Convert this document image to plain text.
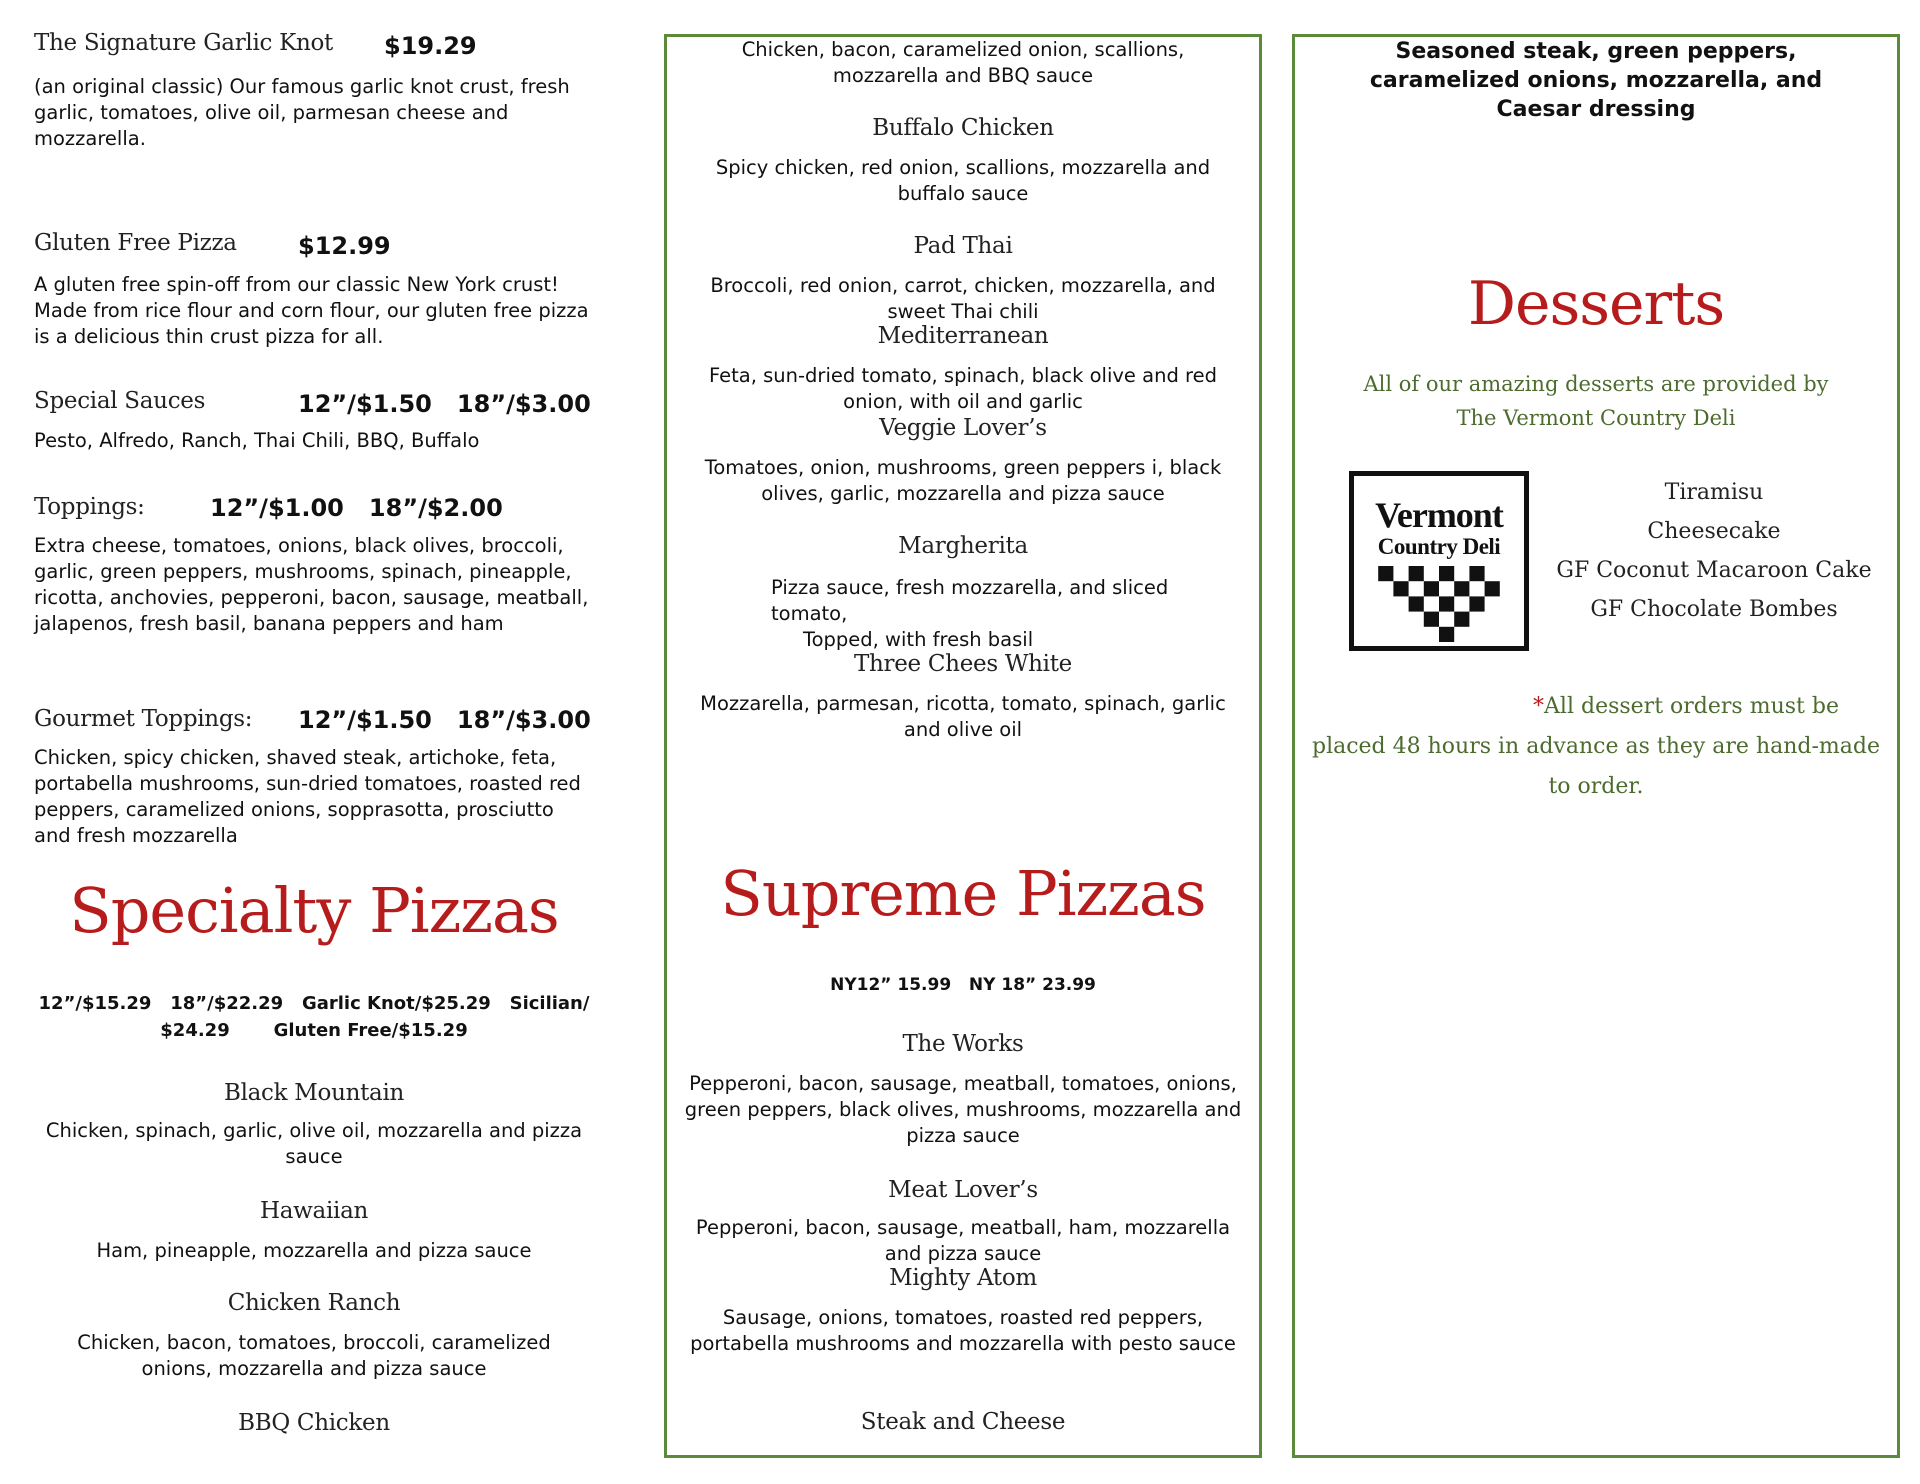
The Signature Garlic Knot $19.29
(an original classic) Our famous garlic knot crust, fresh garlic, tomatoes, olive oil, parmesan cheese and mozzarella.
Gluten Free Pizza	$12.99
A gluten free spin-off from our classic New York crust! Made from rice flour and corn flour, our gluten free pizza is a delicious thin crust pizza for all.
Special Sauces	12”/$1.50   18”/$3.00
Pesto, Alfredo, Ranch, Thai Chili, BBQ, Buffalo
Toppings:	12”/$1.00   18”/$2.00
Extra cheese, tomatoes, onions, black olives, broccoli, garlic, green peppers, mushrooms, spinach, pineapple, ricotta, anchovies, pepperoni, bacon, sausage, meatball, jalapenos, fresh basil, banana peppers and ham
Gourmet Toppings: 12”/$1.50   18”/$3.00
Chicken, spicy chicken, shaved steak, artichoke, feta, portabella mushrooms, sun-dried tomatoes, roasted red peppers, caramelized onions, sopprasotta, prosciutto and fresh mozzarella
Specialty Pizzas
12”/$15.29   18”/$22.29   Garlic Knot/$25.29   Sicilian/
$24.29       Gluten Free/$15.29
Black Mountain
Chicken, spinach, garlic, olive oil, mozzarella and pizza sauce
Hawaiian
Ham, pineapple, mozzarella and pizza sauce
Chicken Ranch
Chicken, bacon, tomatoes, broccoli, caramelized onions, mozzarella and pizza sauce
BBQ Chicken
Chicken, bacon, caramelized onion, scallions, mozzarella and BBQ sauce
Buffalo Chicken
Spicy chicken, red onion, scallions, mozzarella and buffalo sauce
Pad Thai
Broccoli, red onion, carrot, chicken, mozzarella, and sweet Thai chili
Mediterranean
Feta, sun-dried tomato, spinach, black olive and red onion, with oil and garlic
Veggie Lover’s
Tomatoes, onion, mushrooms, green peppers i, black olives, garlic, mozzarella and pizza sauce
Margherita
Pizza sauce, fresh mozzarella, and sliced tomato,
Topped, with fresh basil
Three Chees White
Mozzarella, parmesan, ricotta, tomato, spinach, garlic and olive oil
Supreme Pizzas
NY12” 15.99   NY 18” 23.99
The Works
Pepperoni, bacon, sausage, meatball, tomatoes, onions, green peppers, black olives, mushrooms, mozzarella and pizza sauce
Meat Lover’s
Pepperoni, bacon, sausage, meatball, ham, mozzarella and pizza sauce
Mighty Atom
Sausage, onions, tomatoes, roasted red peppers, portabella mushrooms and mozzarella with pesto sauce
Steak and Cheese
Seasoned steak, green peppers, caramelized onions, mozzarella, and Caesar dressing
Desserts
All of our amazing desserts are provided by
The Vermont Country Deli
Vermont
Country Deli
Tiramisu
Cheesecake
GF Coconut Macaroon Cake
GF Chocolate Bombes
*All dessert orders must be
placed 48 hours in advance as they are hand-made
to order.
